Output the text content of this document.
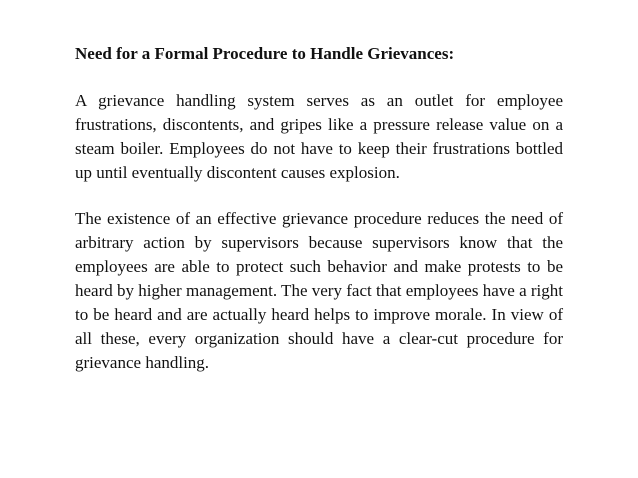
Need for a Formal Procedure to Handle Grievances:

A grievance handling system serves as an outlet for employee frustrations, discontents, and gripes like a pressure release value on a steam boiler. Employees do not have to keep their frustrations bottled up until eventually discontent causes explosion.

The existence of an effective grievance procedure reduces the need of arbitrary action by supervisors because supervisors know that the employees are able to protect such behavior and make protests to be heard by higher management. The very fact that employees have a right to be heard and are actually heard helps to improve morale. In view of all these, every organization should have a clear-cut procedure for grievance handling.
